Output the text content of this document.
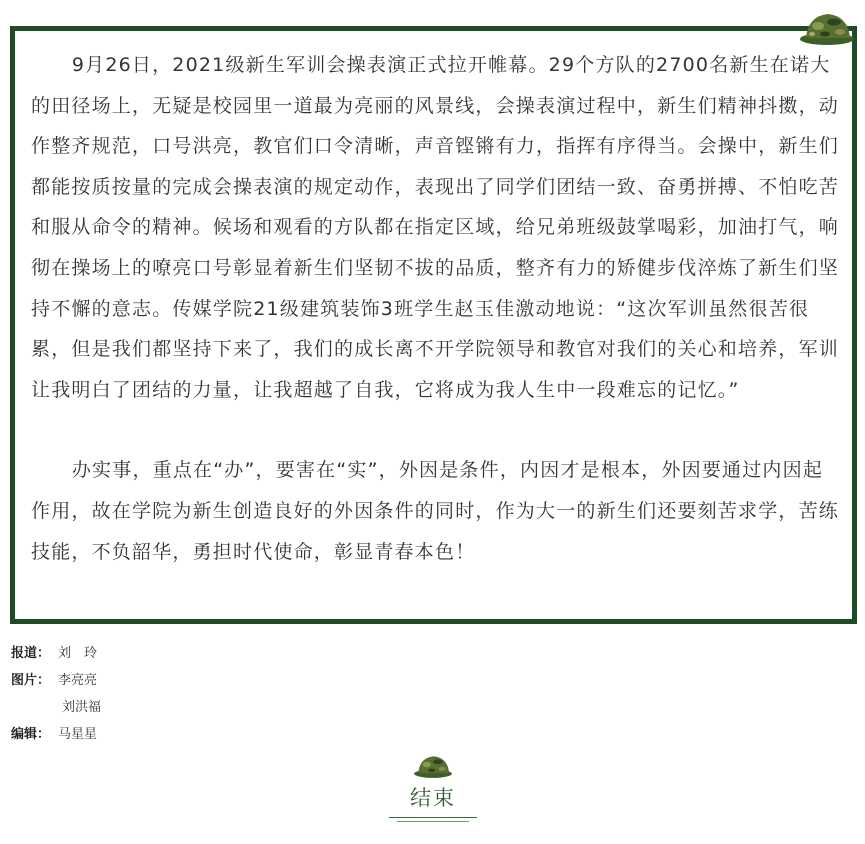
9月26日，2021级新生军训会操表演正式拉开帷幕。29个方队的2700名新生在诺大的田径场上，无疑是校园里一道最为亮丽的风景线，会操表演过程中，新生们精神抖擞，动作整齐规范，口号洪亮，教官们口令清晰，声音铿锵有力，指挥有序得当。会操中，新生们都能按质按量的完成会操表演的规定动作，表现出了同学们团结一致、奋勇拼搏、不怕吃苦和服从命令的精神。候场和观看的方队都在指定区域，给兄弟班级鼓掌喝彩，加油打气，响彻在操场上的嘹亮口号彰显着新生们坚韧不拔的品质，整齐有力的矫健步伐淬炼了新生们坚持不懈的意志。传媒学院21级建筑装饰3班学生赵玉佳激动地说：“这次军训虽然很苦很累，但是我们都坚持下来了，我们的成长离不开学院领导和教官对我们的关心和培养，军训让我明白了团结的力量，让我超越了自我，它将成为我人生中一段难忘的记忆。”

办实事，重点在“办”，要害在“实”，外因是条件，内因才是根本，外因要通过内因起作用，故在学院为新生创造良好的外因条件的同时，作为大一的新生们还要刻苦求学，苦练技能，不负韶华，勇担时代使命，彰显青春本色！

报道： 刘　玲
图片： 李亮亮
刘洪福
编辑： 马星星
结束
